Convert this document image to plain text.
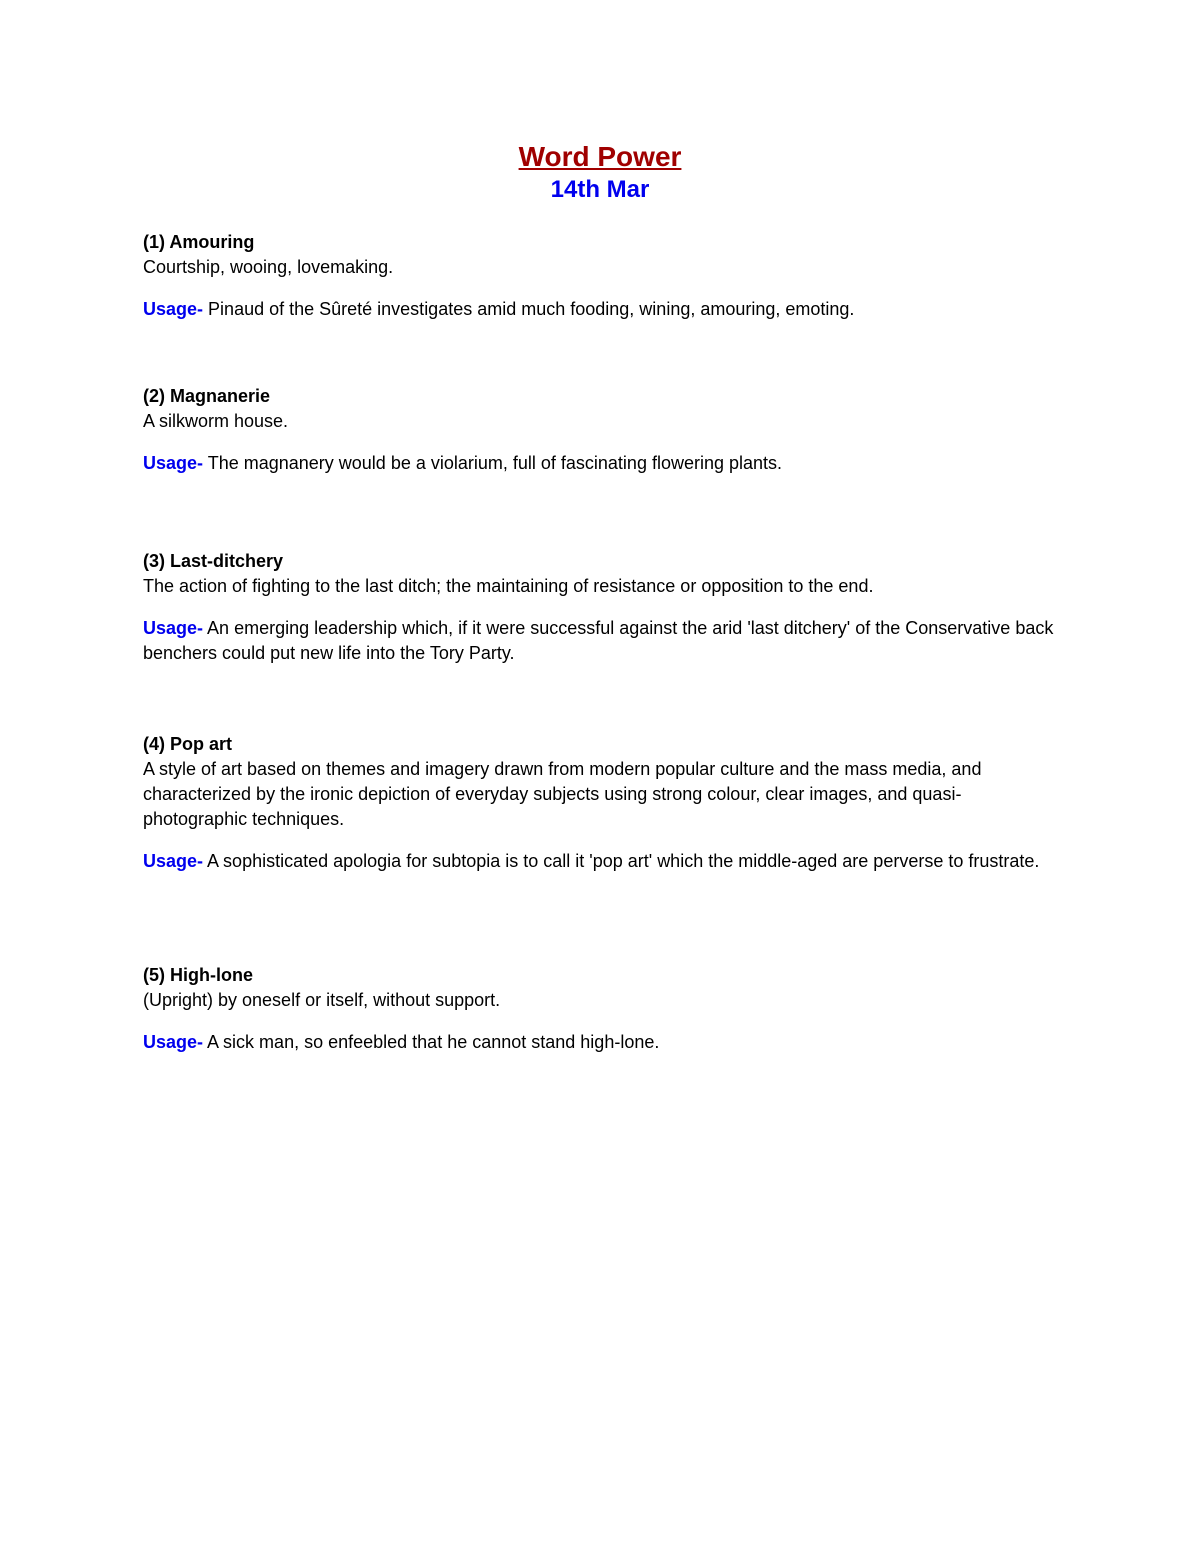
Word Power
14th Mar

(1) Amouring

Courtship, wooing, lovemaking.

Usage- Pinaud of the Sûreté investigates amid much fooding, wining, amouring, emoting.

(2) Magnanerie

A silkworm house.

Usage- The magnanery would be a violarium, full of fascinating flowering plants.

(3) Last-ditchery

The action of fighting to the last ditch; the maintaining of resistance or opposition to the end.

Usage- An emerging leadership which, if it were successful against the arid 'last ditchery' of the Conservative back benchers could put new life into the Tory Party.

(4) Pop art

A style of art based on themes and imagery drawn from modern popular culture and the mass media, and characterized by the ironic depiction of everyday subjects using strong colour, clear images, and quasi-photographic techniques.

Usage- A sophisticated apologia for subtopia is to call it 'pop art' which the middle-aged are perverse to frustrate.

(5) High-lone

(Upright) by oneself or itself, without support.

Usage- A sick man, so enfeebled that he cannot stand high-lone.
